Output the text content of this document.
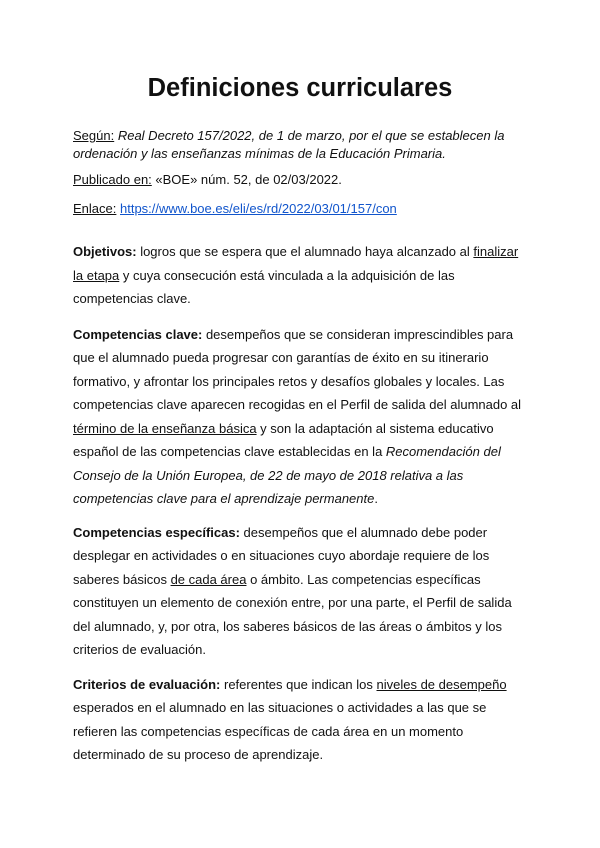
Definiciones curriculares

Según: Real Decreto 157/2022, de 1 de marzo, por el que se establecen la ordenación y las enseñanzas mínimas de la Educación Primaria.

Publicado en: «BOE» núm. 52, de 02/03/2022.

Enlace: https://www.boe.es/eli/es/rd/2022/03/01/157/con

Objetivos: logros que se espera que el alumnado haya alcanzado al finalizar la etapa y cuya consecución está vinculada a la adquisición de las competencias clave.

Competencias clave: desempeños que se consideran imprescindibles para que el alumnado pueda progresar con garantías de éxito en su itinerario formativo, y afrontar los principales retos y desafíos globales y locales. Las competencias clave aparecen recogidas en el Perfil de salida del alumnado al término de la enseñanza básica y son la adaptación al sistema educativo español de las competencias clave establecidas en la Recomendación del Consejo de la Unión Europea, de 22 de mayo de 2018 relativa a las competencias clave para el aprendizaje permanente.

Competencias específicas: desempeños que el alumnado debe poder desplegar en actividades o en situaciones cuyo abordaje requiere de los saberes básicos de cada área o ámbito. Las competencias específicas constituyen un elemento de conexión entre, por una parte, el Perfil de salida del alumnado, y, por otra, los saberes básicos de las áreas o ámbitos y los criterios de evaluación.

Criterios de evaluación: referentes que indican los niveles de desempeño esperados en el alumnado en las situaciones o actividades a las que se refieren las competencias específicas de cada área en un momento determinado de su proceso de aprendizaje.
